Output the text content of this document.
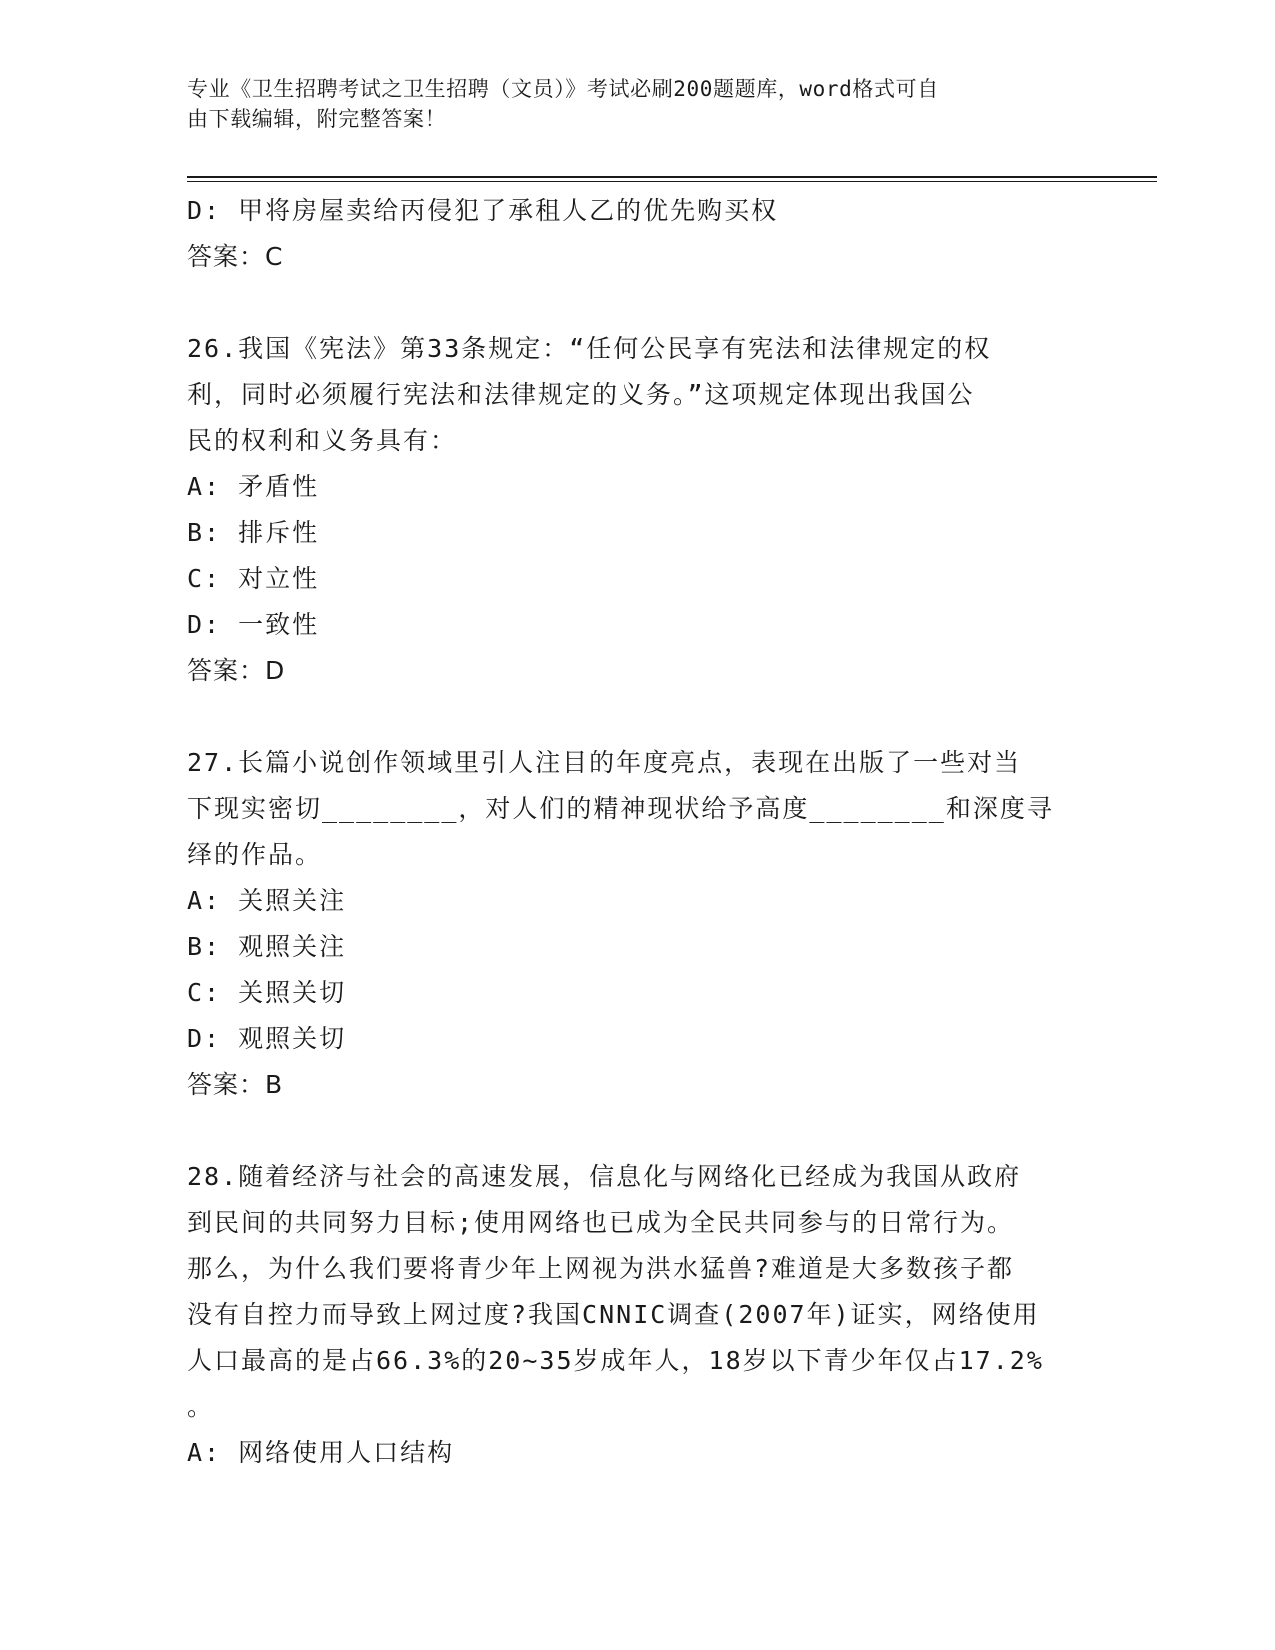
专业《卫生招聘考试之卫生招聘（文员）》考试必刷200题题库，word格式可自
由下载编辑，附完整答案！
D: 甲将房屋卖给丙侵犯了承租人乙的优先购买权
答案：C
26.我国《宪法》第33条规定：“任何公民享有宪法和法律规定的权
利，同时必须履行宪法和法律规定的义务。”这项规定体现出我国公
民的权利和义务具有：
A: 矛盾性
B: 排斥性
C: 对立性
D: 一致性
答案：D
27.长篇小说创作领域里引人注目的年度亮点，表现在出版了一些对当
下现实密切________，对人们的精神现状给予高度________和深度寻
绎的作品。
A: 关照关注
B: 观照关注
C: 关照关切
D: 观照关切
答案：B
28.随着经济与社会的高速发展，信息化与网络化已经成为我国从政府
到民间的共同努力目标;使用网络也已成为全民共同参与的日常行为。
那么，为什么我们要将青少年上网视为洪水猛兽?难道是大多数孩子都
没有自控力而导致上网过度?我国CNNIC调查(2007年)证实，网络使用
人口最高的是占66.3%的20~35岁成年人，18岁以下青少年仅占17.2%
。
A: 网络使用人口结构
